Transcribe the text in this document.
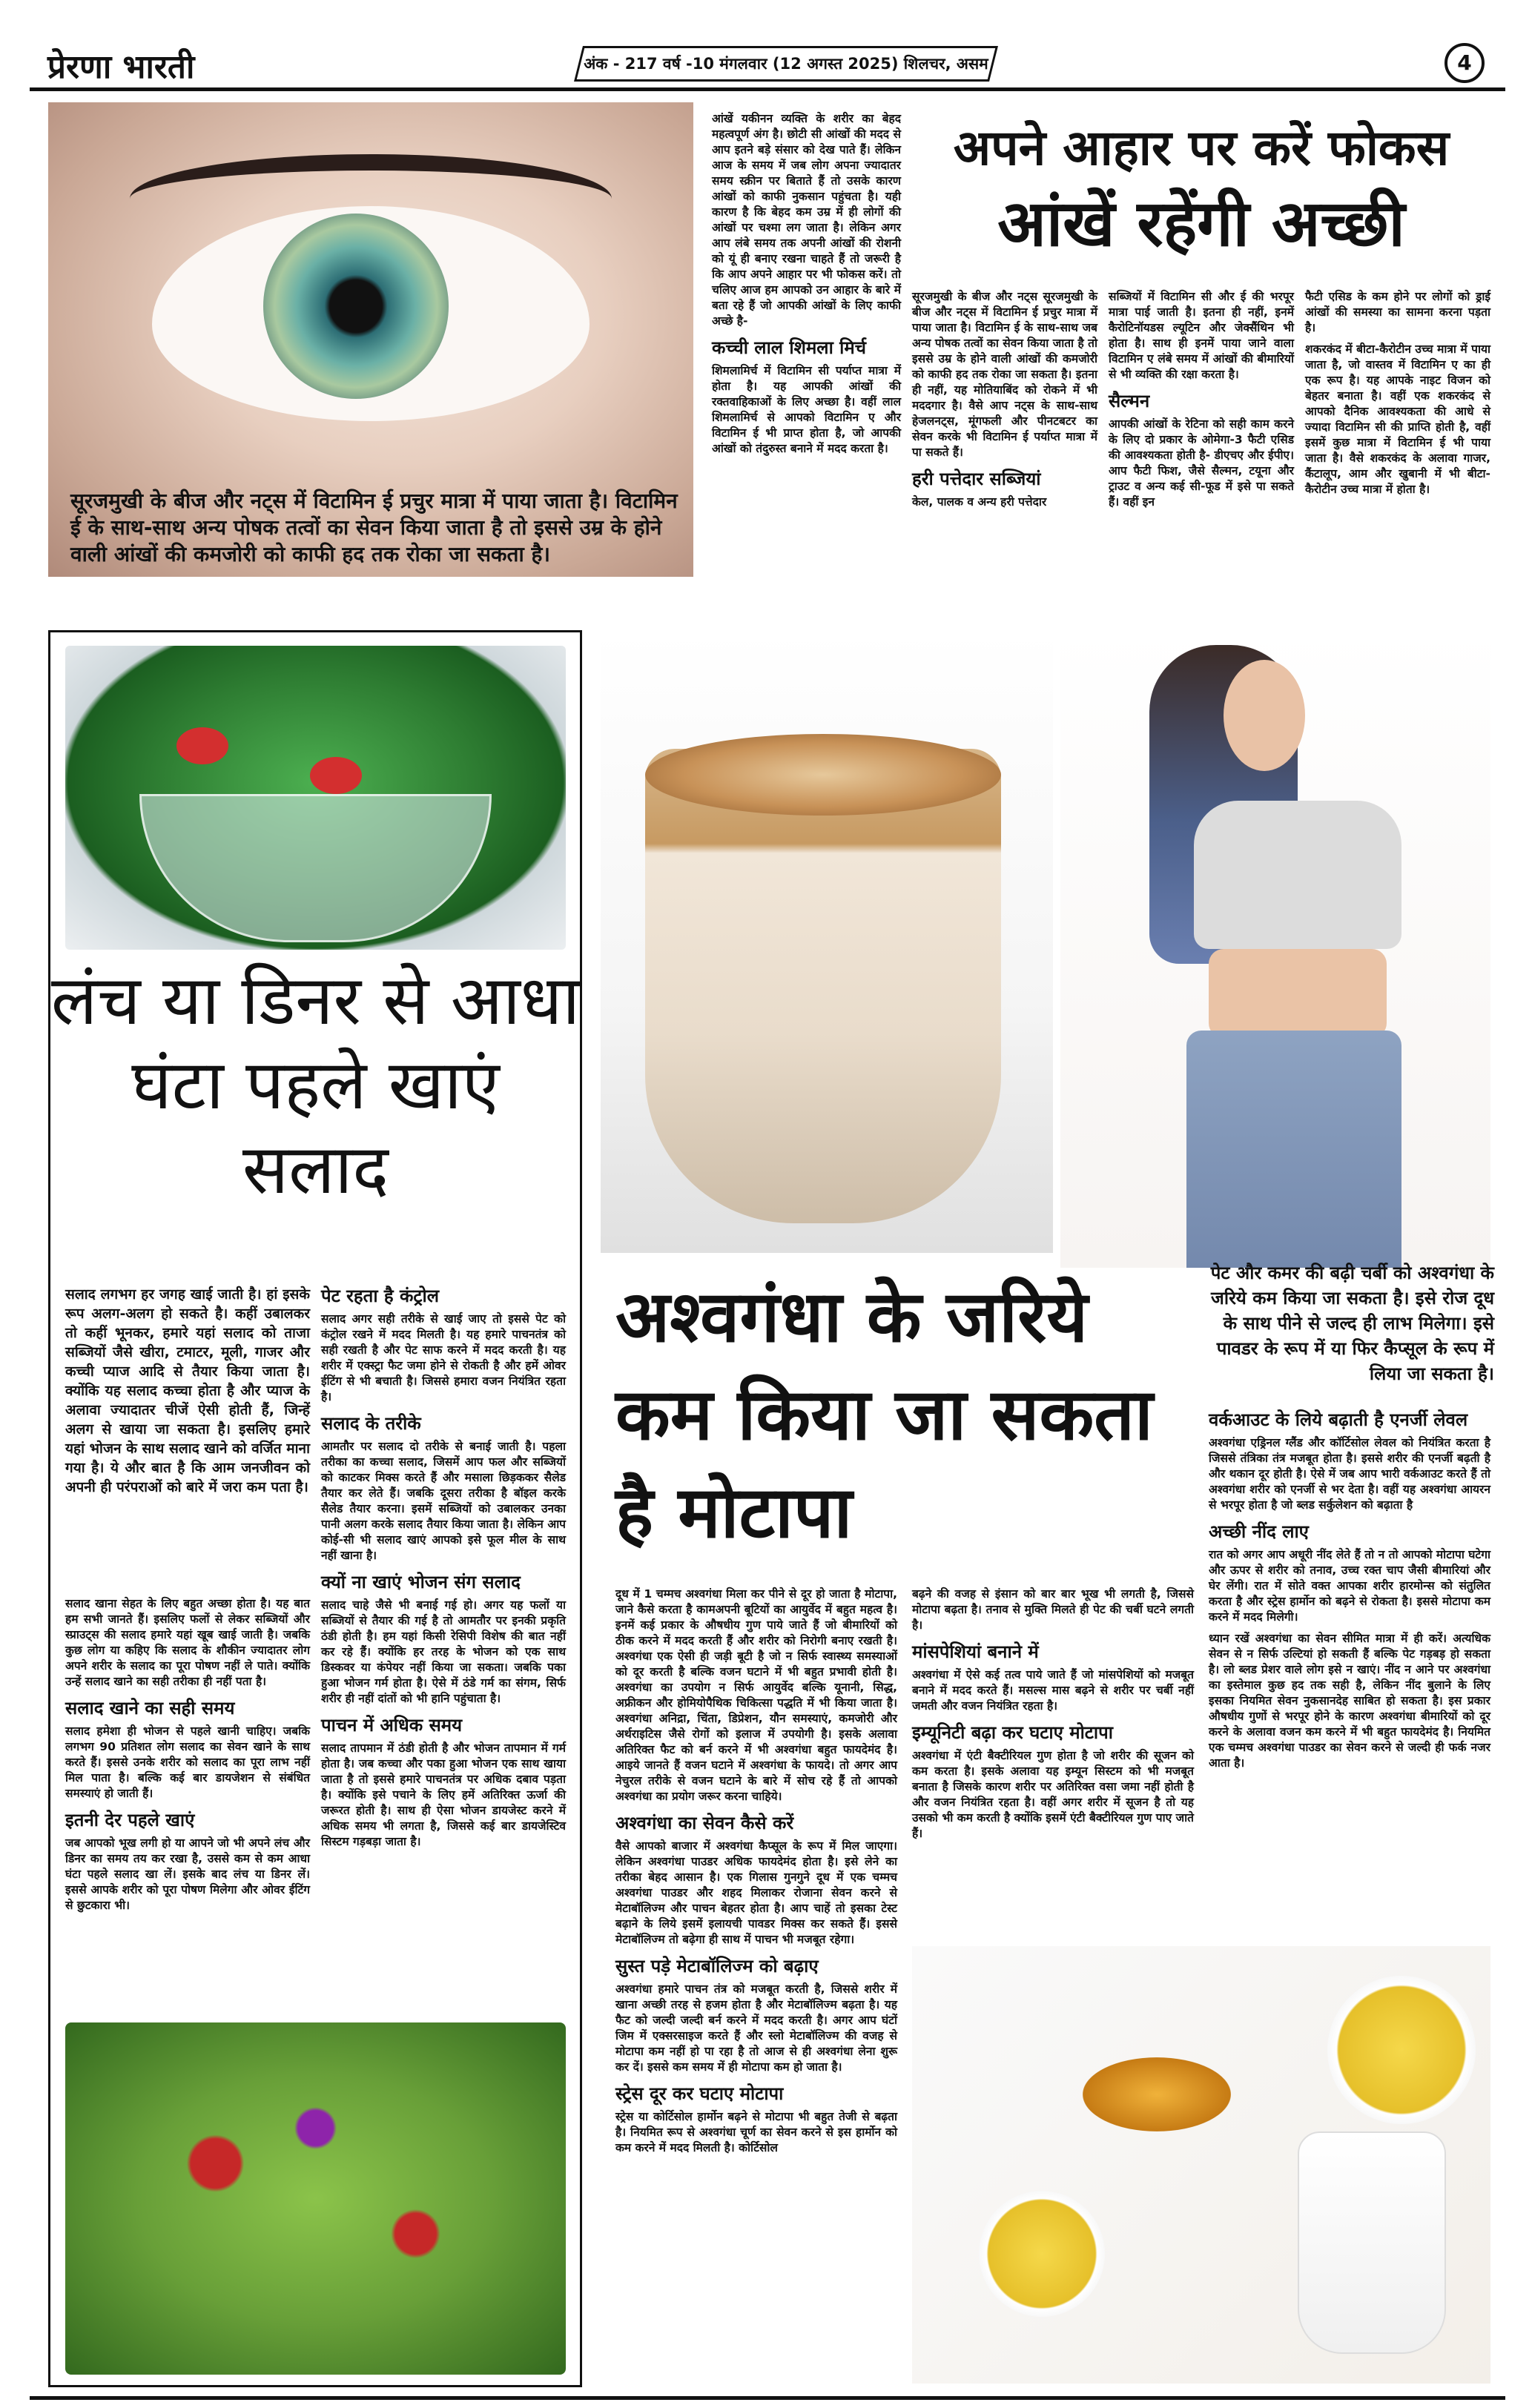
प्रेरणा भारती	अंक - 217 वर्ष -10 मंगलवार (12 अगस्त 2025) शिलचर, असम	4
सूरजमुखी के बीज और नट्स में विटामिन ई प्रचुर मात्रा में पाया जाता है। विटामिन ई के साथ-साथ अन्य पोषक तत्वों का सेवन किया जाता है तो इससे उम्र के होने वाली आंखों की कमजोरी को काफी हद तक रोका जा सकता है।

आंखें यकीनन व्यक्ति के शरीर का बेहद महत्वपूर्ण अंग है। छोटी सी आंखों की मदद से आप इतने बड़े संसार को देख पाते हैं। लेकिन आज के समय में जब लोग अपना ज्यादातर समय स्क्रीन पर बिताते हैं तो उसके कारण आंखों को काफी नुकसान पहुंचता है। यही कारण है कि बेहद कम उम्र में ही लोगों की आंखों पर चश्मा लग जाता है। लेकिन अगर आप लंबे समय तक अपनी आंखों की रोशनी को यूं ही बनाए रखना चाहते हैं तो जरूरी है कि आप अपने आहार पर भी फोकस करें। तो चलिए आज हम आपको उन आहार के बारे में बता रहे हैं जो आपकी आंखों के लिए काफी अच्छे है-

कच्ची लाल शिमला मिर्च

शिमलामिर्च में विटामिन सी पर्याप्त मात्रा में होता है। यह आपकी आंखों की रक्तवाहिकाओं के लिए अच्छा है। वहीं लाल शिमलामिर्च से आपको विटामिन ए और विटामिन ई भी प्राप्त होता है, जो आपकी आंखों को तंदुरुस्त बनाने में मदद करता है।

अपने आहार पर करें फोकस
आंखें रहेंगी अच्छी

सूरजमुखी के बीज और नट्स सूरजमुखी के बीज और नट्स में विटामिन ई प्रचुर मात्रा में पाया जाता है। विटामिन ई के साथ-साथ जब अन्य पोषक तत्वों का सेवन किया जाता है तो इससे उम्र के होने वाली आंखों की कमजोरी को काफी हद तक रोका जा सकता है। इतना ही नहीं, यह मोतियाबिंद को रोकने में भी मददगार है। वैसे आप नट्स के साथ-साथ हेजलनट्स, मूंगफली और पीनटबटर का सेवन करके भी विटामिन ई पर्याप्त मात्रा में पा सकते हैं।

हरी पत्तेदार सब्जियां

केल, पालक व अन्य हरी पत्तेदार

सब्जियों में विटामिन सी और ई की भरपूर मात्रा पाई जाती है। इतना ही नहीं, इनमें कैरोटिनॉयडस ल्यूटिन और जेक्सैंथिन भी होता है। साथ ही इनमें पाया जाने वाला विटामिन ए लंबे समय में आंखों की बीमारियों से भी व्यक्ति की रक्षा करता है।

सैल्मन

आपकी आंखों के रेटिना को सही काम करने के लिए दो प्रकार के ओमेगा-3 फैटी एसिड की आवश्यकता होती है- डीएचए और ईपीए। आप फैटी फिश, जैसे सैल्मन, टयूना और ट्राउट व अन्य कई सी-फूड में इसे पा सकते हैं। वहीं इन

फैटी एसिड के कम होने पर लोगों को ड्राई आंखों की समस्या का सामना करना पड़ता है।

शकरकंद में बीटा-कैरोटीन उच्च मात्रा में पाया जाता है, जो वास्तव में विटामिन ए का ही एक रूप है। यह आपके नाइट विजन को बेहतर बनाता है। वहीं एक शकरकंद से आपको दैनिक आवश्यकता की आधे से ज्यादा विटामिन सी की प्राप्ति होती है, वहीं इसमें कुछ मात्रा में विटामिन ई भी पाया जाता है। वैसे शकरकंद के अलावा गाजर, कैंटालूप, आम और खुबानी में भी बीटा-कैरोटीन उच्च मात्रा में होता है।

लंच या डिनर से आधा घंटा पहले खाएं सलाद
सलाद लगभग हर जगह खाई जाती है। हां इसके रूप अलग-अलग हो सकते है। कहीं उबालकर तो कहीं भूनकर, हमारे यहां सलाद को ताजा सब्जियों जैसे खीरा, टमाटर, मूली, गाजर और कच्ची प्याज आदि से तैयार किया जाता है। क्योंकि यह सलाद कच्चा होता है और प्याज के अलावा ज्यादातर चीजें ऐसी होती हैं, जिन्हें अलग से खाया जा सकता है। इसलिए हमारे यहां भोजन के साथ सलाद खाने को वर्जित माना गया है। ये और बात है कि आम जनजीवन को अपनी ही परंपराओं को बारे में जरा कम पता है।

सलाद खाना सेहत के लिए बहुत अच्छा होता है। यह बात हम सभी जानते हैं। इसलिए फलों से लेकर सब्जियों और स्प्राउट्स की सलाद हमारे यहां खूब खाई जाती है। जबकि कुछ लोग या कहिए कि सलाद के शौकीन ज्यादातर लोग अपने शरीर के सलाद का पूरा पोषण नहीं ले पाते। क्योंकि उन्हें सलाद खाने का सही तरीका ही नहीं पता है।

सलाद खाने का सही समय

सलाद हमेशा ही भोजन से पहले खानी चाहिए। जबकि लगभग 90 प्रतिशत लोग सलाद का सेवन खाने के साथ करते हैं। इससे उनके शरीर को सलाद का पूरा लाभ नहीं मिल पाता है। बल्कि कई बार डायजेशन से संबंधित समस्याएं हो जाती हैं।

इतनी देर पहले खाएं

जब आपको भूख लगी हो या आपने जो भी अपने लंच और डिनर का समय तय कर रखा है, उससे कम से कम आधा घंटा पहले सलाद खा लें। इसके बाद लंच या डिनर लें। इससे आपके शरीर को पूरा पोषण मिलेगा और ओवर ईटिंग से छुटकारा भी।

पेट रहता है कंट्रोल

सलाद अगर सही तरीके से खाई जाए तो इससे पेट को कंट्रोल रखने में मदद मिलती है। यह हमारे पाचनतंत्र को सही रखती है और पेट साफ करने में मदद करती है। यह शरीर में एक्स्ट्रा फैट जमा होने से रोकती है और हमें ओवर ईटिंग से भी बचाती है। जिससे हमारा वजन नियंत्रित रहता है।

सलाद के तरीके

आमतौर पर सलाद दो तरीके से बनाई जाती है। पहला तरीका का कच्चा सलाद, जिसमें आप फल और सब्जियों को काटकर मिक्स करते हैं और मसाला छिड़ककर सैलेड तैयार कर लेते हैं। जबकि दूसरा तरीका है बॉइल करके सैलेड तैयार करना। इसमें सब्जियों को उबालकर उनका पानी अलग करके सलाद तैयार किया जाता है। लेकिन आप कोई-सी भी सलाद खाएं आपको इसे फूल मील के साथ नहीं खाना है।

क्यों ना खाएं भोजन संग सलाद

सलाद चाहे जैसे भी बनाई गई हो। अगर यह फलों या सब्जियों से तैयार की गई है तो आमतौर पर इनकी प्रकृति ठंडी होती है। हम यहां किसी रेसिपी विशेष की बात नहीं कर रहे हैं। क्योंकि हर तरह के भोजन को एक साथ डिस्कवर या कंपेयर नहीं किया जा सकता। जबकि पका हुआ भोजन गर्म होता है। ऐसे में ठंडे गर्म का संगम, सिर्फ शरीर ही नहीं दांतों को भी हानि पहुंचाता है।

पाचन में अधिक समय

सलाद तापमान में ठंडी होती है और भोजन तापमान में गर्म होता है। जब कच्चा और पका हुआ भोजन एक साथ खाया जाता है तो इससे हमारे पाचनतंत्र पर अधिक दबाव पड़ता है। क्योंकि इसे पचाने के लिए हमें अतिरिक्त ऊर्जा की जरूरत होती है। साथ ही ऐसा भोजन डायजेस्ट करने में अधिक समय भी लगता है, जिससे कई बार डायजेस्टिव सिस्टम गड़बड़ा जाता है।

पेट और कमर की बढ़ी चर्बी को अश्वगंधा के जरिये कम किया जा सकता है। इसे रोज दूध के साथ पीने से जल्द ही लाभ मिलेगा। इसे पावडर के रूप में या फिर कैप्सूल के रूप में लिया जा सकता है।
अश्वगंधा के जरिये कम किया जा सकता है मोटापा

दूध में 1 चम्मच अश्वगंधा मिला कर पीने से दूर हो जाता है मोटापा, जाने कैसे करता है कामअपनी बूटियों का आयुर्वेद में बहुत महत्व है। इनमें कई प्रकार के औषधीय गुण पाये जाते हैं जो बीमारियों को ठीक करने में मदद करती हैं और शरीर को निरोगी बनाए रखती है। अश्वगंधा एक ऐसी ही जड़ी बूटी है जो न सिर्फ स्वास्थ्य समस्याओं को दूर करती है बल्कि वजन घटाने में भी बहुत प्रभावी होती है। अश्वगंधा का उपयोग न सिर्फ आयुर्वेद बल्कि यूनानी, सिद्ध, अफ्रीकन और होमियोपैथिक चिकित्सा पद्धति में भी किया जाता है। अश्वगंधा अनिद्रा, चिंता, डिप्रेशन, यौन समस्याएं, कमजोरी और अर्थराइटिस जैसे रोगों को इलाज में उपयोगी है। इसके अलावा अतिरिक्त फैट को बर्न करने में भी अश्वगंधा बहुत फायदेमंद है। आइये जानते हैं वजन घटाने में अश्वगंधा के फायदे। तो अगर आप नेचुरल तरीके से वजन घटाने के बारे में सोच रहे हैं तो आपको अश्वगंधा का प्रयोग जरूर करना चाहिये।

अश्वगंधा का सेवन कैसे करें

वैसे आपको बाजार में अश्वगंधा कैप्सूल के रूप में मिल जाएगा। लेकिन अश्वगंधा पाउडर अधिक फायदेमंद होता है। इसे लेने का तरीका बेहद आसान है। एक गिलास गुनगुने दूध में एक चम्मच अश्वगंधा पाउडर और शहद मिलाकर रोजाना सेवन करने से मेटाबॉलिज्म और पाचन बेहतर होता है। आप चाहें तो इसका टेस्ट बढ़ाने के लिये इसमें इलायची पावडर मिक्स कर सकते हैं। इससे मेटाबॉलिज्म तो बढ़ेगा ही साथ में पाचन भी मजबूत रहेगा।

सुस्त पड़े मेटाबॉलिज्म को बढ़ाए

अश्वगंधा हमारे पाचन तंत्र को मजबूत करती है, जिससे शरीर में खाना अच्छी तरह से हजम होता है और मेटाबॉलिज्म बढ़ता है। यह फैट को जल्दी जल्दी बर्न करने में मदद करती है। अगर आप घंटों जिम में एक्सरसाइज करते हैं और स्लो मेटाबॉलिज्म की वजह से मोटापा कम नहीं हो पा रहा है तो आज से ही अश्वगंधा लेना शुरू कर दें। इससे कम समय में ही मोटापा कम हो जाता है।

स्ट्रेस दूर कर घटाए मोटापा

स्ट्रेस या कोर्टिसोल हार्मोन बढ़ने से मोटापा भी बहुत तेजी से बढ़ता है। नियमित रूप से अश्वगंधा चूर्ण का सेवन करने से इस हार्मोन को कम करने में मदद मिलती है। कोर्टिसोल

बढ़ने की वजह से इंसान को बार बार भूख भी लगती है, जिससे मोटापा बढ़ता है। तनाव से मुक्ति मिलते ही पेट की चर्बी घटने लगती है।

मांसपेशियां बनाने में

अश्वगंधा में ऐसे कई तत्व पाये जाते हैं जो मांसपेशियों को मजबूत बनाने में मदद करते हैं। मसल्स मास बढ़ने से शरीर पर चर्बी नहीं जमती और वजन नियंत्रित रहता है।

इम्यूनिटी बढ़ा कर घटाए मोटापा

अश्वगंधा में एंटी बैक्टीरियल गुण होता है जो शरीर की सूजन को कम करता है। इसके अलावा यह इम्यून सिस्टम को भी मजबूत बनाता है जिसके कारण शरीर पर अतिरिक्त वसा जमा नहीं होती है और वजन नियंत्रित रहता है। वहीं अगर शरीर में सूजन है तो यह उसको भी कम करती है क्योंकि इसमें एंटी बैक्टीरियल गुण पाए जाते हैं।

वर्कआउट के लिये बढ़ाती है एनर्जी लेवल

अश्वगंधा एड्रिनल ग्लैंड और कॉर्टिसोल लेवल को नियंत्रित करता है जिससे तंत्रिका तंत्र मजबूत होता है। इससे शरीर की एनर्जी बढ़ती है और थकान दूर होती है। ऐसे में जब आप भारी वर्कआउट करते हैं तो अश्वगंधा शरीर को एनर्जी से भर देता है। वहीं यह अश्वगंधा आयरन से भरपूर होता है जो ब्लड सर्कुलेशन को बढ़ाता है

अच्छी नींद लाए

रात को अगर आप अधूरी नींद लेते हैं तो न तो आपको मोटापा घटेगा और ऊपर से शरीर को तनाव, उच्च रक्त चाप जैसी बीमारियां और घेर लेंगी। रात में सोते वक्त आपका शरीर हारमोन्स को संतुलित करता है और स्ट्रेस हार्मोन को बढ़ने से रोकता है। इससे मोटापा कम करने में मदद मिलेगी।

ध्यान रखें अश्वगंधा का सेवन सीमित मात्रा में ही करें। अत्यधिक सेवन से न सिर्फ उल्टियां हो सकती हैं बल्कि पेट गड़बड़ हो सकता है। लो ब्लड प्रेशर वाले लोग इसे न खाएं। नींद न आने पर अश्वगंधा का इस्तेमाल कुछ हद तक सही है, लेकिन नींद बुलाने के लिए इसका नियमित सेवन नुकसानदेह साबित हो सकता है। इस प्रकार औषधीय गुणों से भरपूर होने के कारण अश्वगंधा बीमारियों को दूर करने के अलावा वजन कम करने में भी बहुत फायदेमंद है। नियमित एक चम्मच अश्वगंधा पाउडर का सेवन करने से जल्दी ही फर्क नजर आता है।
